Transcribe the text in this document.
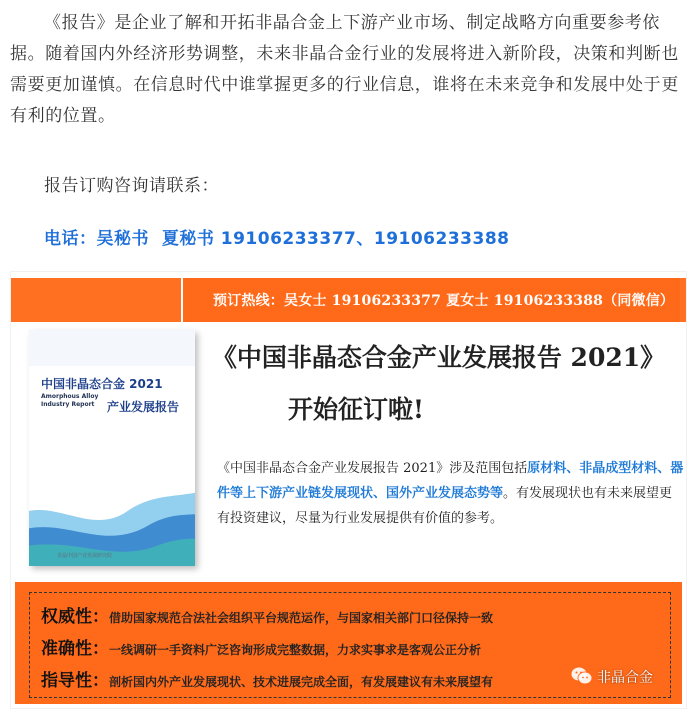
《报告》是企业了解和开拓非晶合金上下游产业市场、制定战略方向重要参考依据。随着国内外经济形势调整，未来非晶合金行业的发展将进入新阶段，决策和判断也需要更加谨慎。在信息时代中谁掌握更多的行业信息，谁将在未来竞争和发展中处于更有利的位置。

报告订购咨询请联系：
电话：吴秘书  夏秘书 19106233377、19106233388
预订热线：吴女士 19106233377 夏女士 19106233388（同微信）
中国非晶态合金 2021
Amorphous Alloy Industry Report	产业发展报告
非晶中国产业发展研究院
《中国非晶态合金产业发展报告 2021》
开始征订啦!

《中国非晶态合金产业发展报告 2021》涉及范围包括原材料、非晶成型材料、器件等上下游产业链发展现状、国外产业发展态势等。有发展现状也有未来展望更有投资建议，尽量为行业发展提供有价值的参考。

权威性：借助国家规范合法社会组织平台规范运作，与国家相关部门口径保持一致
准确性：一线调研一手资料广泛咨询形成完整数据，力求实事求是客观公正分析
指导性：剖析国内外产业发展现状、技术进展完成全面，有发展建议有未来展望有	非晶合金
